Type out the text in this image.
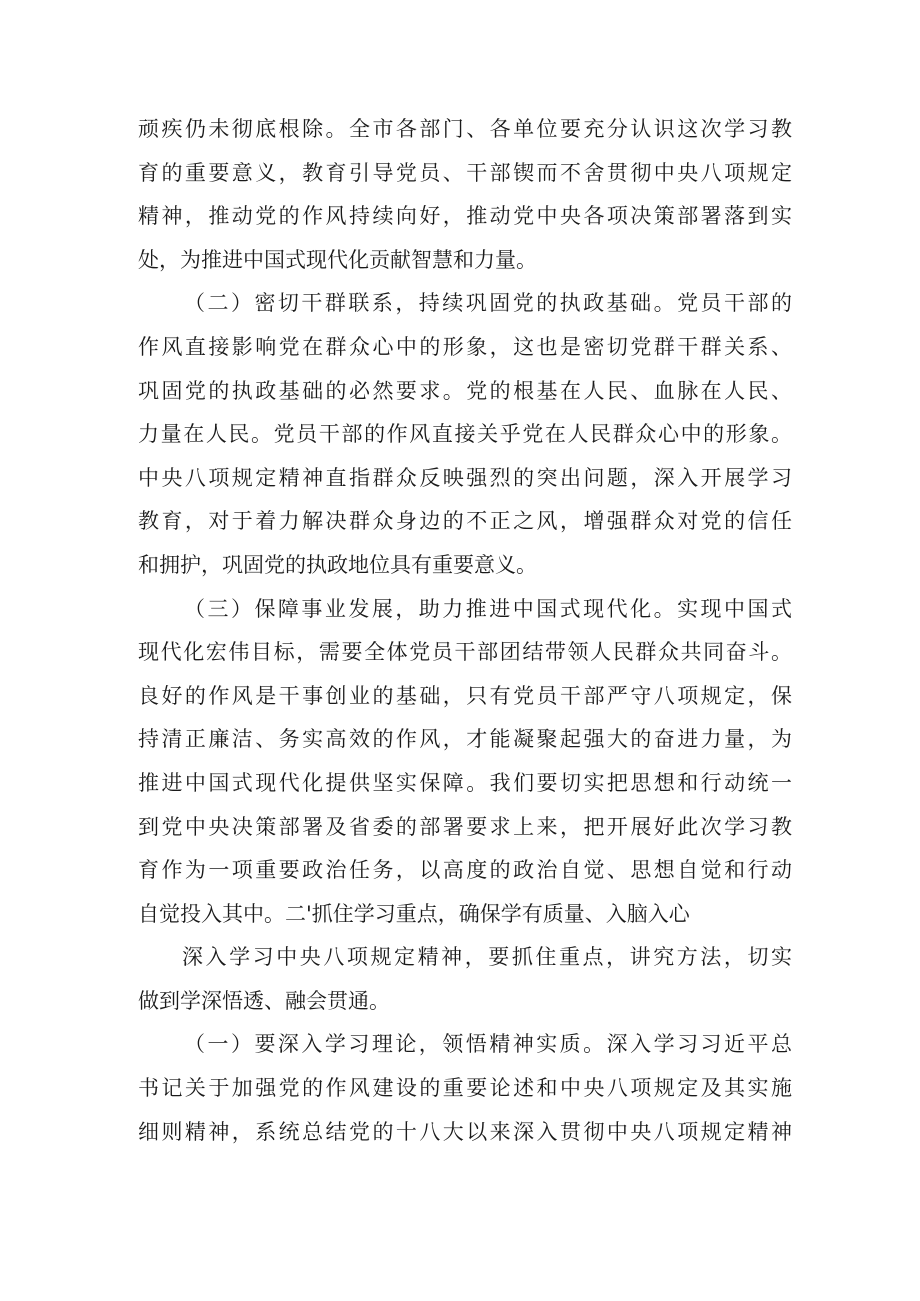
顽疾仍未彻底根除。全市各部门、各单位要充分认识这次学习教
育的重要意义，教育引导党员、干部锲而不舍贯彻中央八项规定
精神，推动党的作风持续向好，推动党中央各项决策部署落到实
处，为推进中国式现代化贡献智慧和力量。
（二）密切干群联系，持续巩固党的执政基础。党员干部的
作风直接影响党在群众心中的形象，这也是密切党群干群关系、
巩固党的执政基础的必然要求。党的根基在人民、血脉在人民、
力量在人民。党员干部的作风直接关乎党在人民群众心中的形象。
中央八项规定精神直指群众反映强烈的突出问题，深入开展学习
教育，对于着力解决群众身边的不正之风，增强群众对党的信任
和拥护，巩固党的执政地位具有重要意义。
（三）保障事业发展，助力推进中国式现代化。实现中国式
现代化宏伟目标，需要全体党员干部团结带领人民群众共同奋斗。
良好的作风是干事创业的基础，只有党员干部严守八项规定，保
持清正廉洁、务实高效的作风，才能凝聚起强大的奋进力量，为
推进中国式现代化提供坚实保障。我们要切实把思想和行动统一
到党中央决策部署及省委的部署要求上来，把开展好此次学习教
育作为一项重要政治任务，以高度的政治自觉、思想自觉和行动
自觉投入其中。二'抓住学习重点，确保学有质量、入脑入心
深入学习中央八项规定精神，要抓住重点，讲究方法，切实
做到学深悟透、融会贯通。
（一）要深入学习理论，领悟精神实质。深入学习习近平总
书记关于加强党的作风建设的重要论述和中央八项规定及其实施
细则精神，系统总结党的十八大以来深入贯彻中央八项规定精神
